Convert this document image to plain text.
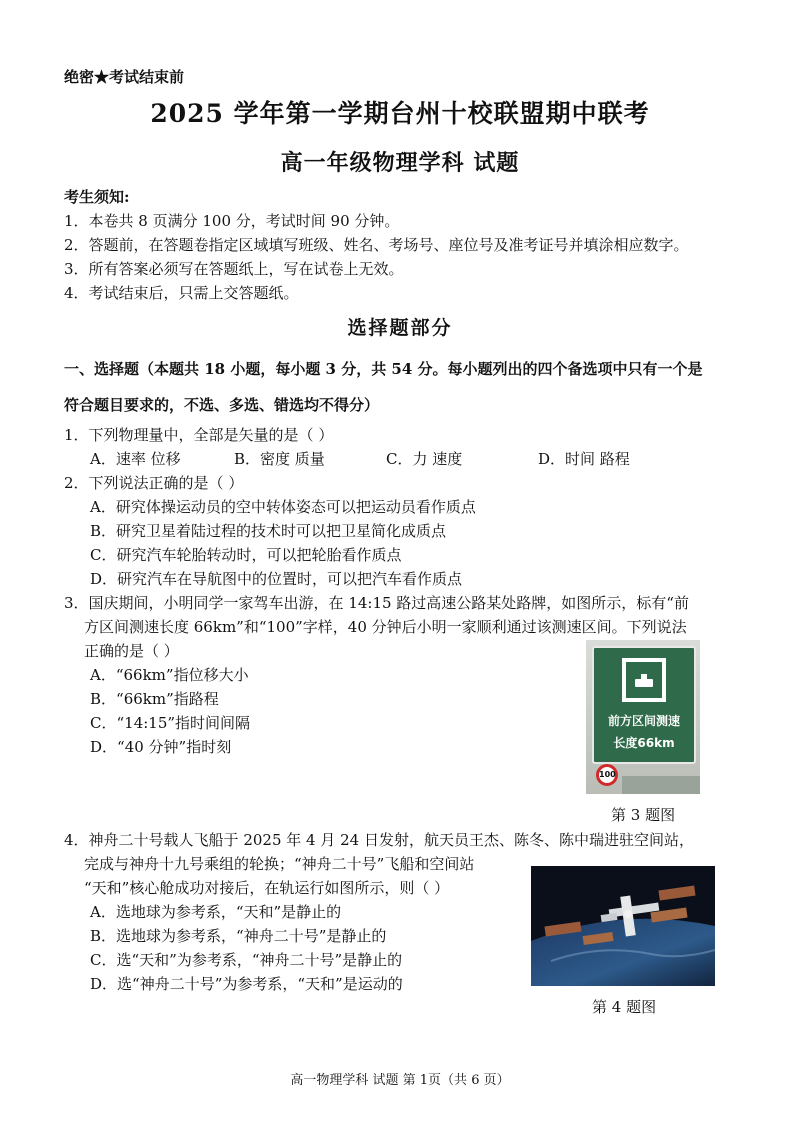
绝密★考试结束前
2025 学年第一学期台州十校联盟期中联考
高一年级物理学科 试题
考生须知:
1．本卷共 8 页满分 100 分，考试时间 90 分钟。
2．答题前，在答题卷指定区域填写班级、姓名、考场号、座位号及准考证号并填涂相应数字。
3．所有答案必须写在答题纸上，写在试卷上无效。
4．考试结束后，只需上交答题纸。
选择题部分
一、选择题（本题共 18 小题，每小题 3 分，共 54 分。每小题列出的四个备选项中只有一个是
符合题目要求的，不选、多选、错选均不得分）
1．下列物理量中，全部是矢量的是（ ）
A．速率 位移	B．密度 质量	C．力 速度	D．时间 路程
2．下列说法正确的是（ ）
A．研究体操运动员的空中转体姿态可以把运动员看作质点
B．研究卫星着陆过程的技术时可以把卫星简化成质点
C．研究汽车轮胎转动时，可以把轮胎看作质点
D．研究汽车在导航图中的位置时，可以把汽车看作质点
3．国庆期间，小明同学一家驾车出游，在 14:15 路过高速公路某处路牌，如图所示，标有“前
方区间测速长度 66km”和“100”字样，40 分钟后小明一家顺利通过该测速区间。下列说法
正确的是（ ）
A．“66km”指位移大小
B．“66km”指路程
C．“14:15”指时间间隔
D．“40 分钟”指时刻
前方区间测速
长度66km
100
第 3 题图
4．神舟二十号载人飞船于 2025 年 4 月 24 日发射，航天员王杰、陈冬、陈中瑞进驻空间站，
完成与神舟十九号乘组的轮换；“神舟二十号”飞船和空间站
“天和”核心舱成功对接后，在轨运行如图所示，则（ ）
A．选地球为参考系，“天和”是静止的
B．选地球为参考系，“神舟二十号”是静止的
C．选“天和”为参考系，“神舟二十号”是静止的
D．选“神舟二十号”为参考系，“天和”是运动的
第 4 题图
高一物理学科 试题 第 1页（共 6 页）
